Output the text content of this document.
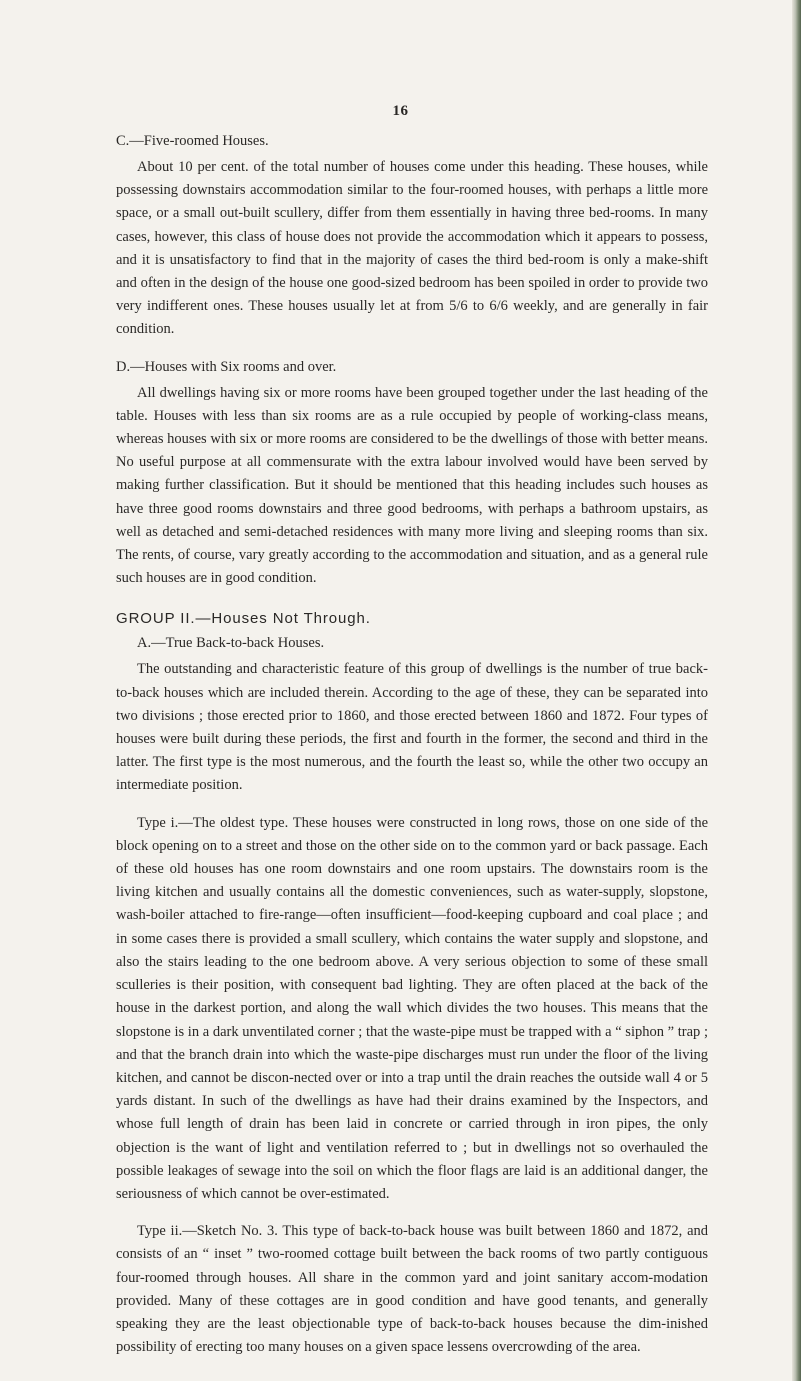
16

C.—Five-roomed Houses.

About 10 per cent. of the total number of houses come under this heading. These houses, while possessing downstairs accommodation similar to the four-roomed houses, with perhaps a little more space, or a small out-built scullery, differ from them essentially in having three bed-rooms. In many cases, however, this class of house does not provide the accommodation which it appears to possess, and it is unsatisfactory to find that in the majority of cases the third bed-room is only a make-shift and often in the design of the house one good-sized bedroom has been spoiled in order to provide two very indifferent ones. These houses usually let at from 5/6 to 6/6 weekly, and are generally in fair condition.

D.—Houses with Six rooms and over.

All dwellings having six or more rooms have been grouped together under the last heading of the table. Houses with less than six rooms are as a rule occupied by people of working-class means, whereas houses with six or more rooms are considered to be the dwellings of those with better means. No useful purpose at all commensurate with the extra labour involved would have been served by making further classification. But it should be mentioned that this heading includes such houses as have three good rooms downstairs and three good bedrooms, with perhaps a bathroom upstairs, as well as detached and semi-detached residences with many more living and sleeping rooms than six. The rents, of course, vary greatly according to the accommodation and situation, and as a general rule such houses are in good condition.

GROUP II.—Houses Not Through.

A.—True Back-to-back Houses.

The outstanding and characteristic feature of this group of dwellings is the number of true back-to-back houses which are included therein. According to the age of these, they can be separated into two divisions ; those erected prior to 1860, and those erected between 1860 and 1872. Four types of houses were built during these periods, the first and fourth in the former, the second and third in the latter. The first type is the most numerous, and the fourth the least so, while the other two occupy an intermediate position.

Type i.—The oldest type. These houses were constructed in long rows, those on one side of the block opening on to a street and those on the other side on to the common yard or back passage. Each of these old houses has one room downstairs and one room upstairs. The downstairs room is the living kitchen and usually contains all the domestic conveniences, such as water-supply, slopstone, wash-boiler attached to fire-range—often insufficient—food-keeping cupboard and coal place ; and in some cases there is provided a small scullery, which contains the water supply and slopstone, and also the stairs leading to the one bedroom above. A very serious objection to some of these small sculleries is their position, with consequent bad lighting. They are often placed at the back of the house in the darkest portion, and along the wall which divides the two houses. This means that the slopstone is in a dark unventilated corner ; that the waste-pipe must be trapped with a “ siphon ” trap ; and that the branch drain into which the waste-pipe discharges must run under the floor of the living kitchen, and cannot be discon-nected over or into a trap until the drain reaches the outside wall 4 or 5 yards distant. In such of the dwellings as have had their drains examined by the Inspectors, and whose full length of drain has been laid in concrete or carried through in iron pipes, the only objection is the want of light and ventilation referred to ; but in dwellings not so overhauled the possible leakages of sewage into the soil on which the floor flags are laid is an additional danger, the seriousness of which cannot be over-estimated.

Type ii.—Sketch No. 3. This type of back-to-back house was built between 1860 and 1872, and consists of an “ inset ” two-roomed cottage built between the back rooms of two partly contiguous four-roomed through houses. All share in the common yard and joint sanitary accom-modation provided. Many of these cottages are in good condition and have good tenants, and generally speaking they are the least objectionable type of back-to-back houses because the dim-inished possibility of erecting too many houses on a given space lessens overcrowding of the area.
